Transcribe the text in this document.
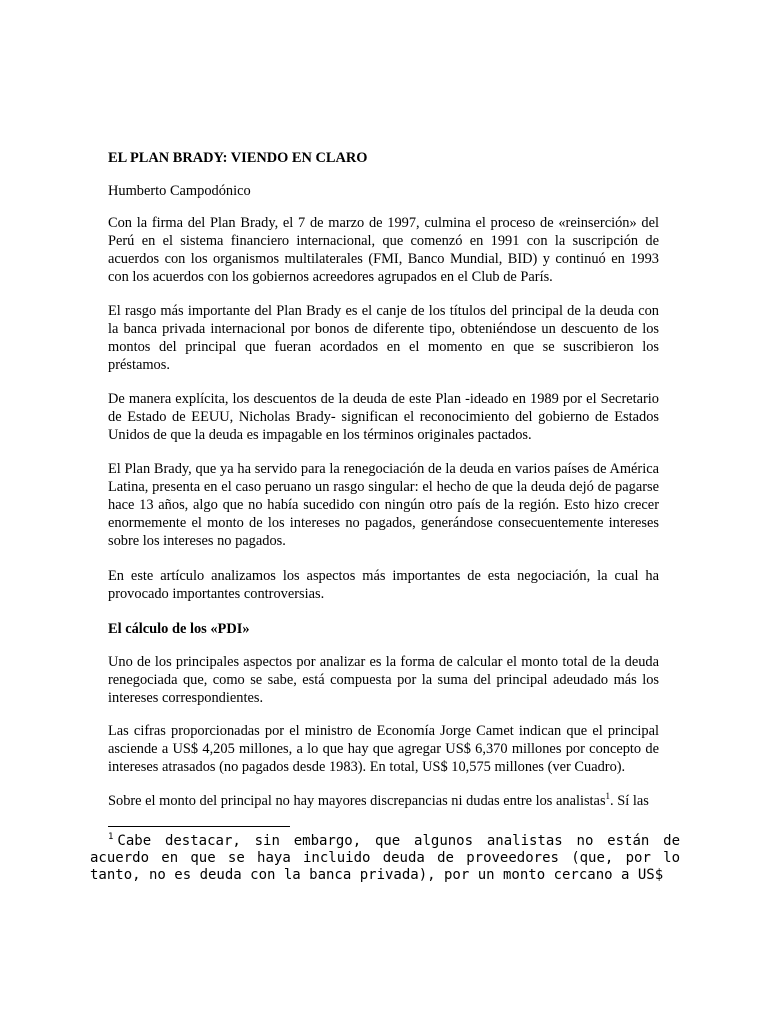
EL PLAN BRADY: VIENDO EN CLARO
Humberto Campodónico

Con la firma del Plan Brady, el 7 de marzo de 1997, culmina el proceso de «reinserción» del Perú en el sistema financiero internacional, que comenzó en 1991 con la suscripción de acuerdos con los organismos multilaterales (FMI, Banco Mundial, BID) y continuó en 1993 con los acuerdos con los gobiernos acreedores agrupados en el Club de París.

El rasgo más importante del Plan Brady es el canje de los títulos del principal de la deuda con la banca privada internacional por bonos de diferente tipo, obteniéndose un descuento de los montos del principal que fueran acordados en el momento en que se suscribieron los préstamos.

De manera explícita, los descuentos de la deuda de este Plan -ideado en 1989 por el Secretario de Estado de EEUU, Nicholas Brady- significan el reconocimiento del gobierno de Estados Unidos de que la deuda es impagable en los términos originales pactados.

El Plan Brady, que ya ha servido para la renegociación de la deuda en varios países de América Latina, presenta en el caso peruano un rasgo singular: el hecho de que la deuda dejó de pagarse hace 13 años, algo que no había sucedido con ningún otro país de la región. Esto hizo crecer enormemente el monto de los intereses no pagados, generándose consecuentemente intereses sobre los intereses no pagados.

En este artículo analizamos los aspectos más importantes de esta negociación, la cual ha provocado importantes controversias.

El cálculo de los «PDI»

Uno de los principales aspectos por analizar es la forma de calcular el monto total de la deuda renegociada que, como se sabe, está compuesta por la suma del principal adeudado más los intereses correspondientes.

Las cifras proporcionadas por el ministro de Economía Jorge Camet indican que el principal asciende a US$ 4,205 millones, a lo que hay que agregar US$ 6,370 millones por concepto de intereses atrasados (no pagados desde 1983). En total, US$ 10,575 millones (ver Cuadro).

Sobre el monto del principal no hay mayores discrepancias ni dudas entre los analistas$^1$. Sí las

$^1$ Cabe destacar, sin embargo, que algunos analistas no están de acuerdo en que se haya incluido deuda de proveedores (que, por lo tanto, no es deuda con la banca privada), por un monto cercano a US$
